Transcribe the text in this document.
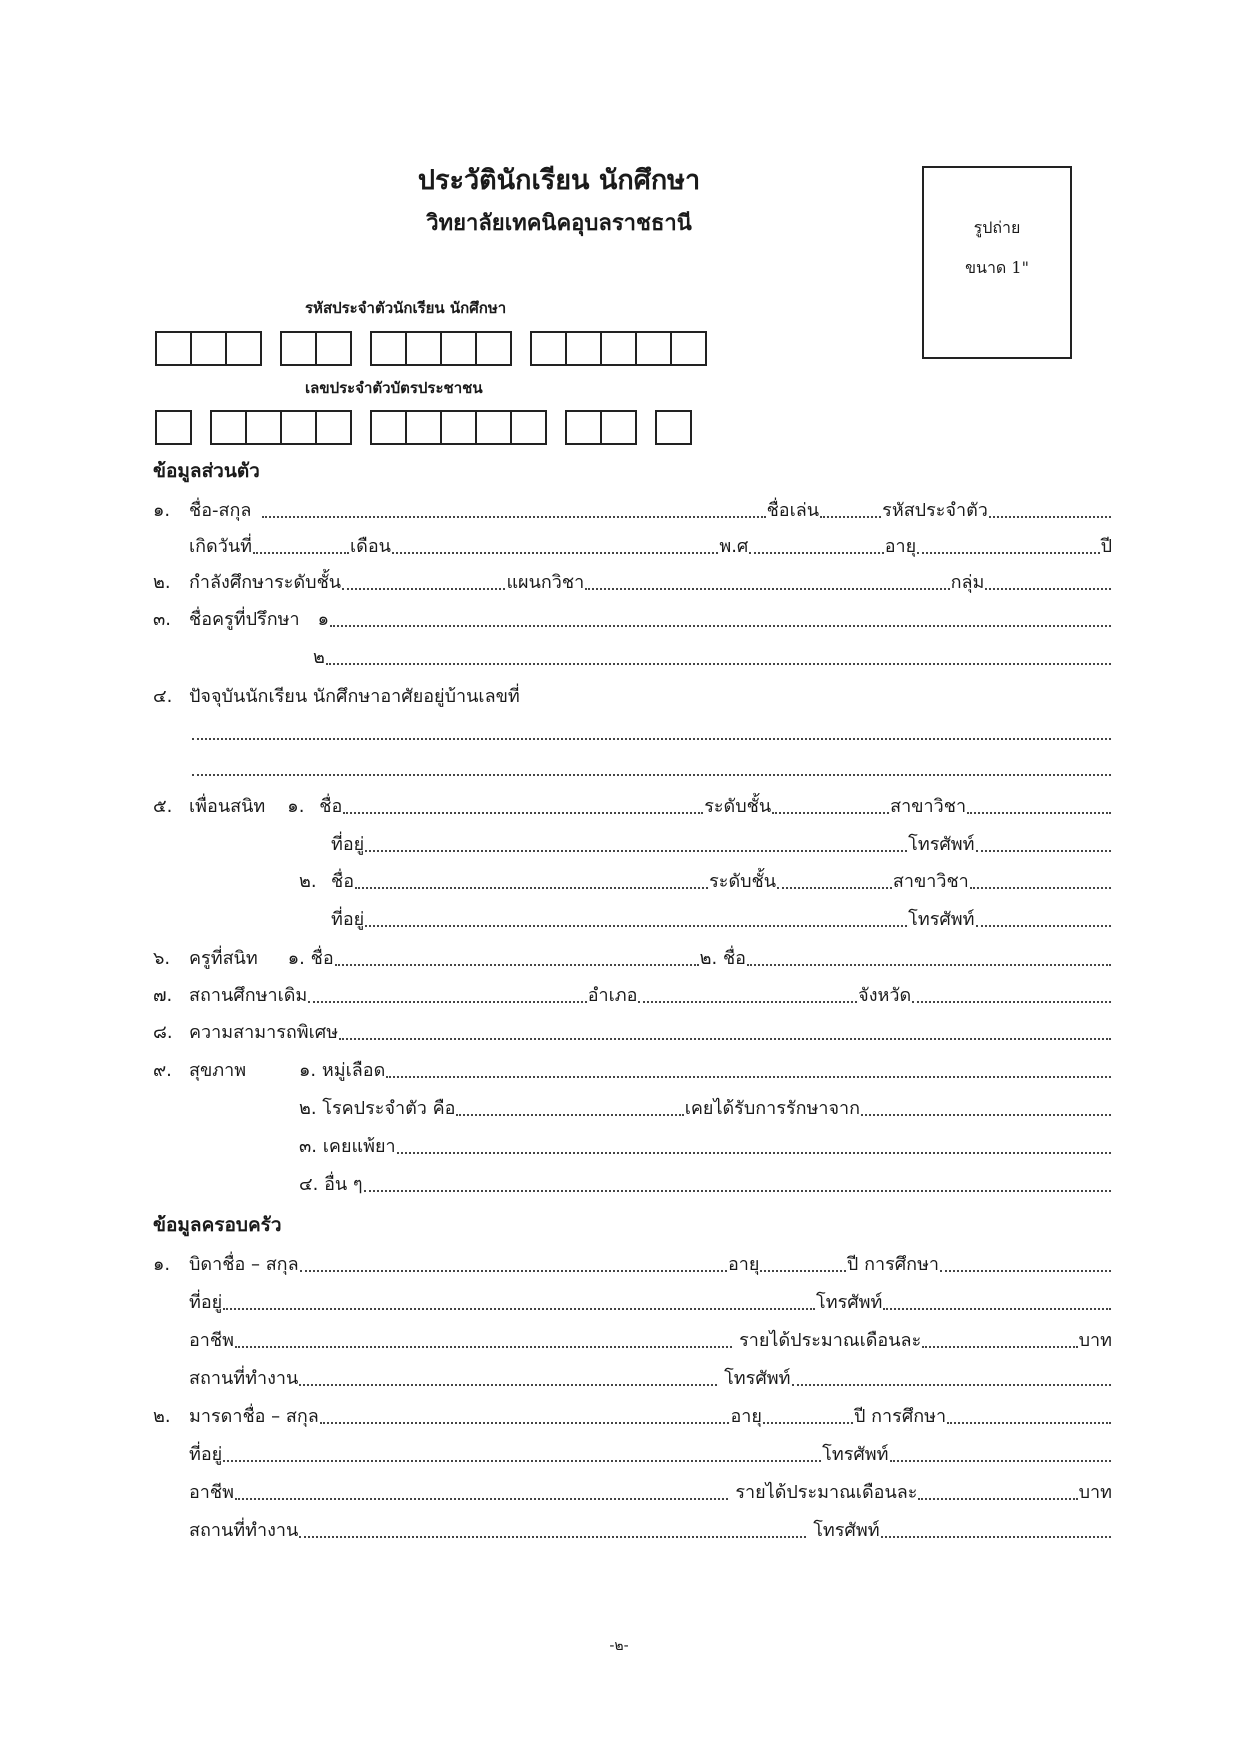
ประวัตินักเรียน นักศึกษา
วิทยาลัยเทคนิคอุบลราชธานี	รูปถ่าย
ขนาด 1"
รหัสประจำตัวนักเรียน นักศึกษา
เลขประจำตัวบัตรประชาชน
ข้อมูลส่วนตัว
๑.	ชื่อ-สกุล	ชื่อเล่น	รหัสประจำตัว
เกิดวันที่	เดือน	พ.ศ	อายุ	ปี
๒.	กำลังศึกษาระดับชั้น	แผนกวิชา	กลุ่ม
๓. ชื่อครูที่ปรึกษา ๑
๒
๔. ปัจจุบันนักเรียน นักศึกษาอาศัยอยู่บ้านเลขที่
๕. เพื่อนสนิท ๑. ชื่อ	ระดับชั้น	สาขาวิชา
ที่อยู่	โทรศัพท์
๒. ชื่อ	ระดับชั้น	สาขาวิชา
ที่อยู่	โทรศัพท์
๖.	ครูที่สนิท ๑. ชื่อ	๒. ชื่อ
๗. สถานศึกษาเดิม	อำเภอ	จังหวัด
๘. ความสามารถพิเศษ
๙. สุขภาพ	๑. หมู่เลือด
๒. โรคประจำตัว คือ	เคยได้รับการรักษาจาก
๓. เคยแพ้ยา
๔. อื่น ๆ
ข้อมูลครอบครัว
๑.	บิดาชื่อ – สกุล	อายุ	ปี การศึกษา
ที่อยู่	โทรศัพท์
อาชีพ	รายได้ประมาณเดือนละ	บาท
สถานที่ทำงาน	โทรศัพท์
๒.	มารดาชื่อ – สกุล	อายุ	ปี การศึกษา
ที่อยู่	โทรศัพท์
อาชีพ	รายได้ประมาณเดือนละ	บาท
สถานที่ทำงาน	โทรศัพท์
-๒-
